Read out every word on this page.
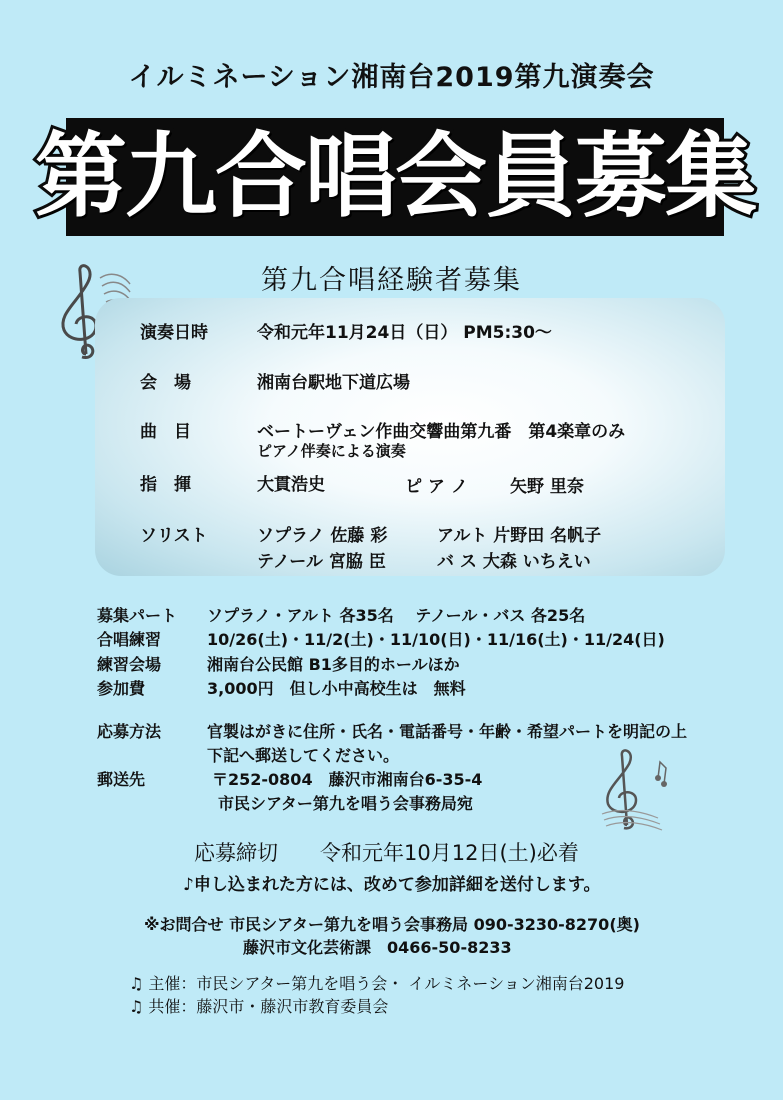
イルミネーション湘南台2019第九演奏会
第九合唱会員募集
第九合唱経験者募集
演奏日時	令和元年11月24日（日） PM5:30〜
会　場	湘南台駅地下道広場
曲　目	ベートーヴェン作曲交響曲第九番　第4楽章のみ
ピアノ伴奏による演奏
指　揮	大貫浩史	ピ ア ノ 矢野 里奈
ソリスト	ソプラノ 佐藤 彩	アルト 片野田 名帆子
テノール 宮脇 臣	バ ス 大森 いちえい
募集パート ソプラノ・アルト 各35名　 テノール・バス 各25名
合唱練習	10/26(土)・11/2(土)・11/10(日)・11/16(土)・11/24(日)
練習会場	湘南台公民館 B1多目的ホールほか
参加費	3,000円　但し小中高校生は　無料
応募方法	官製はがきに住所・氏名・電話番号・年齢・希望パートを明記の上
下記へ郵送してください。
郵送先	〒252-0804　藤沢市湘南台6-35-4
市民シアター第九を唱う会事務局宛
応募締切　　令和元年10月12日(土)必着
♪申し込まれた方には、改めて参加詳細を送付します。
※お問合せ 市民シアター第九を唱う会事務局 090-3230-8270(奥)
藤沢市文化芸術課　0466-50-8233
♫ 主催：市民シアター第九を唱う会・ イルミネーション湘南台2019
♫ 共催：藤沢市・藤沢市教育委員会
